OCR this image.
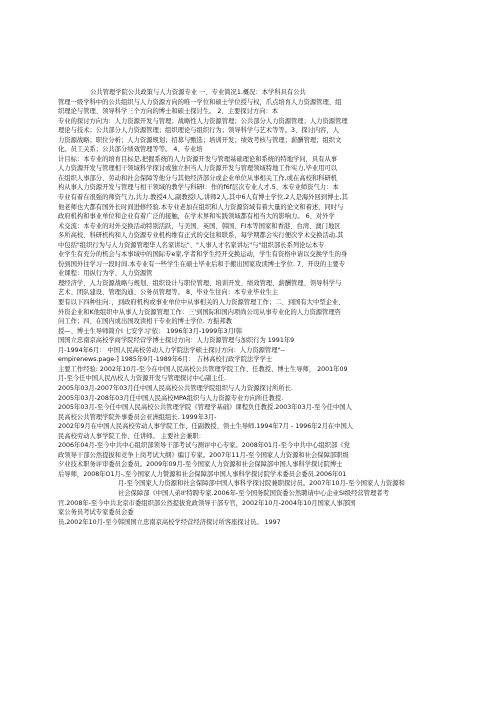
公共管理学院公共政策与人力资源专业 一、专业简况1.概况：本学科具有公共
管理一级学科中的公共组织与人力资源方向的唯一学位和硕士学位授与权，爪点培育人力资源管理、组
织理论与管理、领导科学三个方向的博士和硕士探讨生。 2、主要探讨方向：本
专业的探讨方向为：人力资源开发与管理；战略性人力资源管理；公共部分人力资源管理；人力资源管理
理论与技术；公共部分人力资源管理；组织理论与组织行为；领导科学与艺术等等。3、探讨内容，人
力资源战略；职位分析；人力资源规划；招募与甄选；培训开发；绩效考核与管理；薪酬管理；组织文
化。员工关系；公共部分绩效管理等等。 4、专业培
计目标：本专业的培育目标是,把握系统的人力资源开发与管理基础理论和系统的特地学问，具有从事
人力资源开发与管理相干领域科学探讨或独立担当人力资源开发与管理领域特地工作实力,毕业用可以
在组织人事部分、劳动和社会保障等他分与其他经济部分或企业单位从事相关工作,或在高校和科研机
构从事人力资源开发与管理与相干领域的教学与科研l：作的f6f层次专业人才.5、本专业师资气力：本
专业有着在很强的师资气力,共力.教授4人,副教授l人,讲师2人,其中6人有博士学位,2人是海外回到博士,其
他老师也大都有国外长时间进修经验.本专业老加在组织和人力资源资域有着大量的论文和着述，同时与
政府机构和事业单位和企业有着广泛的接触，在学术界和实践领域都有相当大的影响力。 6、对外学
术交流：本专业的对外交换活动特别活跃，与美国、英国、韩国、FI本等国家和香港、台湾、澳门地区
多所高校、科研机构和人力资源专业机构维有正式的交往和联系，每学期都会实行便次学术交换活动,其
中包括"组织行为与人力资源管理华人名家讲坛"、"人事人才名家讲坛"与"组织部长系列论坛本专
业学生有充分的机会与本事域中的国际专e家,学者和学生经开交换运动，学生有资格申请以交换学生的身
份到国外往学习一段时间.本专业有一些学生在硕士毕业后和于搬出国家攻读博士学位. 7、开设的主要专
业课程：用纵行为学、人力资源管
理经济学、人力资源战略与规划、组织设计与职位管理、培训开发、绩效管理、薪酬管理、领导科学与
艺术、团队建设、管理沟通、公务员管理等。 8、毕业生往向：本专业毕业生主
要有以下四种往向：，到政府机构或事业单位中从事相关的人力资源管理工作；二、到国有大中型企业、
外资企业和K他组织中从事人力资源管理工作：三'到国际和国内项尚公司从事专业化的人力资源管理咨
问工作；四、在国内或出国攻读相干专业的博士学位. 方振邦教
授—、博士生导师简介I 七安学习'依： 1996年3月-1999年3月l韩
国国立忠南京高校学商学院经营学博士探讨方向：人力资源管理与加织行为 1991年9
月-1994年6月： 中国人民高校劳动人力学院法学硕士探讨方向：人力资源管理"--
empirenews.page-] 1985年9月-1989年6月： 吉林高校行政学院法学学士
主要工作经验: 2002年10月-至今在中国人民高校公共管理学院工作、任教授、博士生导师， 2001年09
月-至今任中国人民/\\校人力资源开发与管理探讨中心副主任.
2005年03月-2007年03月任中国人民高校公共管理学院组织与人力资源探讨所所长.
2005年03月-208年03月任中国人民高校MPA组织与人力资源专业方向所任教授.
2005年03月-至今任中国人民高校公共管理学院《管理学基础》课程负任教授.2003年03月-至今任中国人
民高校公共管理学院外事委员会亚洲组组长. 1999年3月-
2002年9月在中国人民高校劳动人事学院工作、任副教授、领士生导师.1994年7月 - 1996年2月在中国人
民高校劳动人事学院工作、任讲师。 主要社会兼职：
2006年04月-至今中共中心组织部领导干部考试与测评中心专家。2008年01月-至今中共中心组织部《党
政领导干部公然提拔和竞争上岗考试大纲》编订专家。2007年11月-至今国家人力资源和社会保障部职级
夕业技术职务评审委员会委员。2009年09月-至今国家人力资源和社会保障部中国人事科学探讨院博士
后导师，2008年O1月-,至今国家人力赞源和社会保障部中国人事科学探讨院学术委员会委员.2006年01
月-至今国家人力资源和社会保障部中国人事科学探讨院兼职探讨员。2007年10月-至今国家人力资源和
社会保障部《中国人弟II'特聘专家.2006年-至今国务院国资委公然聘请中心企业SI级经营管理者考
官.2008年-至今中共北京市委组织部公然提拔党政领导干部专官，2002年10月-2004年10月国家人事部国
家公务员考试专家委员会委
员,2002年10月-至今韩国国立忠南京高校学经营经济探讨所客座探讨员。 1997
